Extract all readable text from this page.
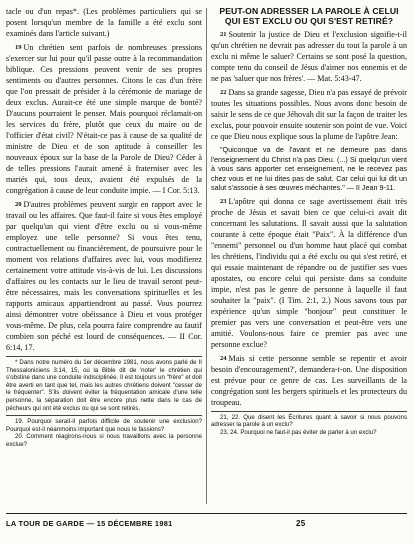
tacle ou d'un repas*. (Les problèmes particuliers qui se posent lorsqu'un membre de la famille a été exclu sont examinés dans l'article suivant.)

19 Un chrétien sent parfois de nombreuses pressions s'exercer sur lui pour qu'il passe outre à la recommandation biblique. Ces pressions peuvent venir de ses propres sentiments ou d'autres personnes. Citons le cas d'un frère que l'on pressait de présider à la cérémonie de mariage de deux exclus. Aurait-ce été une simple marque de bonté? D'aucuns pourraient le penser. Mais pourquoi réclamait-on les services du frère, plutôt que ceux du maire ou de l'officier d'état civil? N'était-ce pas à cause de sa qualité de ministre de Dieu et de son aptitude à conseiller les nouveaux époux sur la base de la Parole de Dieu? Céder à de telles pressions l'aurait amené à fraterniser avec les mariés qui, tous deux, avaient été expulsés de la congrégation à cause de leur conduite impie. — I Cor. 5:13.

20 D'autres problèmes peuvent surgir en rapport avec le travail ou les affaires. Que faut-il faire si vous êtes employé par quelqu'un qui vient d'être exclu ou si vous-même employez une telle personne? Si vous êtes tenu, contractuellement ou financièrement, de poursuivre pour le moment vos relations d'affaires avec lui, vous modifierez certainement votre attitude vis-à-vis de lui. Les discussions d'affaires ou les contacts sur le lieu de travail seront peut-être nécessaires, mais les conversations spirituelles et les rapports amicaux appartiendront au passé. Vous pourrez ainsi démontrer votre obéissance à Dieu et vous protéger vous-même. De plus, cela pourra faire comprendre au fautif combien son péché est lourd de conséquences. — II Cor. 6:14, 17.

* Dans notre numéro du 1er décembre 1981, nous avons parlé de II Thessaloniciens 3:14, 15, où la Bible dit de 'noter' le chrétien qui s'obstine dans une conduite indisciplinée. Il est toujours un "frère" et doit être averti en tant que tel, mais les autres chrétiens doivent "cesser de le fréquenter". S'ils doivent éviter la fréquentation amicale d'une telle personne, la séparation doit être encore plus nette dans le cas de pécheurs qui ont été exclus ou qui se sont retirés.

19. Pourquoi serait-il parfois difficile de soutenir une exclusion? Pourquoi est-il néanmoins important que nous le fassions?

20. Comment réagirons-nous si nous travaillons avec la personne exclue?

PEUT-ON ADRESSER LA PAROLE À CELUI QUI EST EXCLU OU QUI S'EST RETIRÉ?

21 Soutenir la justice de Dieu et l'exclusion signifie-t-il qu'un chrétien ne devrait pas adresser du tout la parole à un exclu ni même le saluer? Certains se sont posé la question, compte tenu du conseil de Jésus d'aimer nos ennemis et de ne pas 'saluer que nos frères'. — Mat. 5:43-47.

22 Dans sa grande sagesse, Dieu n'a pas essayé de prévoir toutes les situations possibles. Nous avons donc besoin de saisir le sens de ce que Jéhovah dit sur la façon de traiter les exclus, pour pouvoir ensuite soutenir son point de vue. Voici ce que Dieu nous explique sous la plume de l'apôtre Jean:

"Quiconque va de l'avant et ne demeure pas dans l'enseignement du Christ n'a pas Dieu. (...) Si quelqu'un vient à vous sans apporter cet enseignement, ne le recevez pas chez vous et ne lui dites pas de salut. Car celui qui lui dit un salut s'associe à ses œuvres méchantes." — II Jean 9-11.

23 L'apôtre qui donna ce sage avertissement était très proche de Jésus et savait bien ce que celui-ci avait dit concernant les salutations. Il savait aussi que la salutation courante à cette époque était "Paix". À la différence d'un "ennemi" personnel ou d'un homme haut placé qui combat les chrétiens, l'individu qui a été exclu ou qui s'est retiré, et qui essaie maintenant de répandre ou de justifier ses vues apostates, ou encore celui qui persiste dans sa conduite impie, n'est pas le genre de personne à laquelle il faut souhaiter la "paix". (I Tim. 2:1, 2.) Nous savons tous par expérience qu'un simple "bonjour" peut constituer le premier pas vers une conversation et peut-être vers une amitié. Voulons-nous faire ce premier pas avec une personne exclue?

24 Mais si cette personne semble se repentir et avoir besoin d'encouragement?', demandera-t-on. Une disposition est prévue pour ce genre de cas. Les surveillants de la congrégation sont les bergers spirituels et les protecteurs du troupeau.

21, 22. Que disent les Écritures quant à savoir si nous pouvons adresser la parole à un exclu?

23, 24. Pourquoi ne faut-il pas éviter de parler à un exclu?

LA TOUR DE GARDE — 15 DÉCEMBRE 1981	25
